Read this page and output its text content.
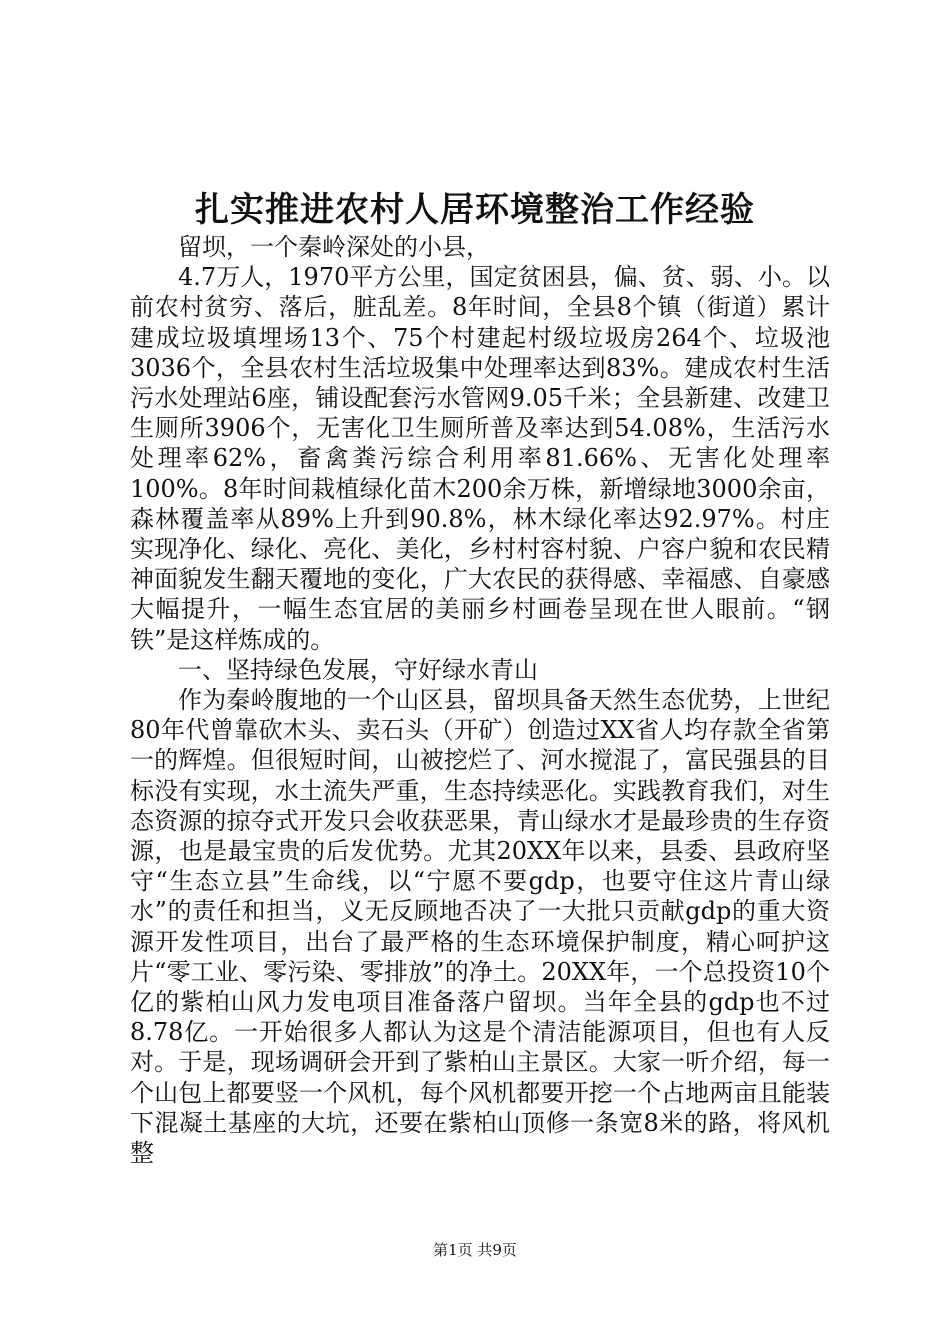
扎实推进农村人居环境整治工作经验

留坝，一个秦岭深处的小县，

4.7万人，1970平方公里，国定贫困县，偏、贫、弱、小。以前农村贫穷、落后，脏乱差。8年时间，全县8个镇（街道）累计建成垃圾填埋场13个、75个村建起村级垃圾房264个、垃圾池3036个，全县农村生活垃圾集中处理率达到83%。建成农村生活污水处理站6座，铺设配套污水管网9.05千米；全县新建、改建卫生厕所3906个，无害化卫生厕所普及率达到54.08%，生活污水处理率62%，畜禽粪污综合利用率81.66%、无害化处理率100%。8年时间栽植绿化苗木200余万株，新增绿地3000余亩，森林覆盖率从89%上升到90.8%，林木绿化率达92.97%。村庄实现净化、绿化、亮化、美化，乡村村容村貌、户容户貌和农民精神面貌发生翻天覆地的变化，广大农民的获得感、幸福感、自豪感大幅提升，一幅生态宜居的美丽乡村画卷呈现在世人眼前。“钢铁”是这样炼成的。

一、坚持绿色发展，守好绿水青山

作为秦岭腹地的一个山区县，留坝具备天然生态优势，上世纪80年代曾靠砍木头、卖石头（开矿）创造过XX省人均存款全省第一的辉煌。但很短时间，山被挖烂了、河水搅混了，富民强县的目标没有实现，水土流失严重，生态持续恶化。实践教育我们，对生态资源的掠夺式开发只会收获恶果，青山绿水才是最珍贵的生存资源，也是最宝贵的后发优势。尤其20XX年以来，县委、县政府坚守“生态立县”生命线，以“宁愿不要gdp，也要守住这片青山绿水”的责任和担当，义无反顾地否决了一大批只贡献gdp的重大资源开发性项目，出台了最严格的生态环境保护制度，精心呵护这片“零工业、零污染、零排放”的净土。20XX年，一个总投资10个亿的紫柏山风力发电项目准备落户留坝。当年全县的gdp也不过8.78亿。一开始很多人都认为这是个清洁能源项目，但也有人反对。于是，现场调研会开到了紫柏山主景区。大家一听介绍，每一个山包上都要竖一个风机，每个风机都要开挖一个占地两亩且能装下混凝土基座的大坑，还要在紫柏山顶修一条宽8米的路，将风机整

第1页 共9页
